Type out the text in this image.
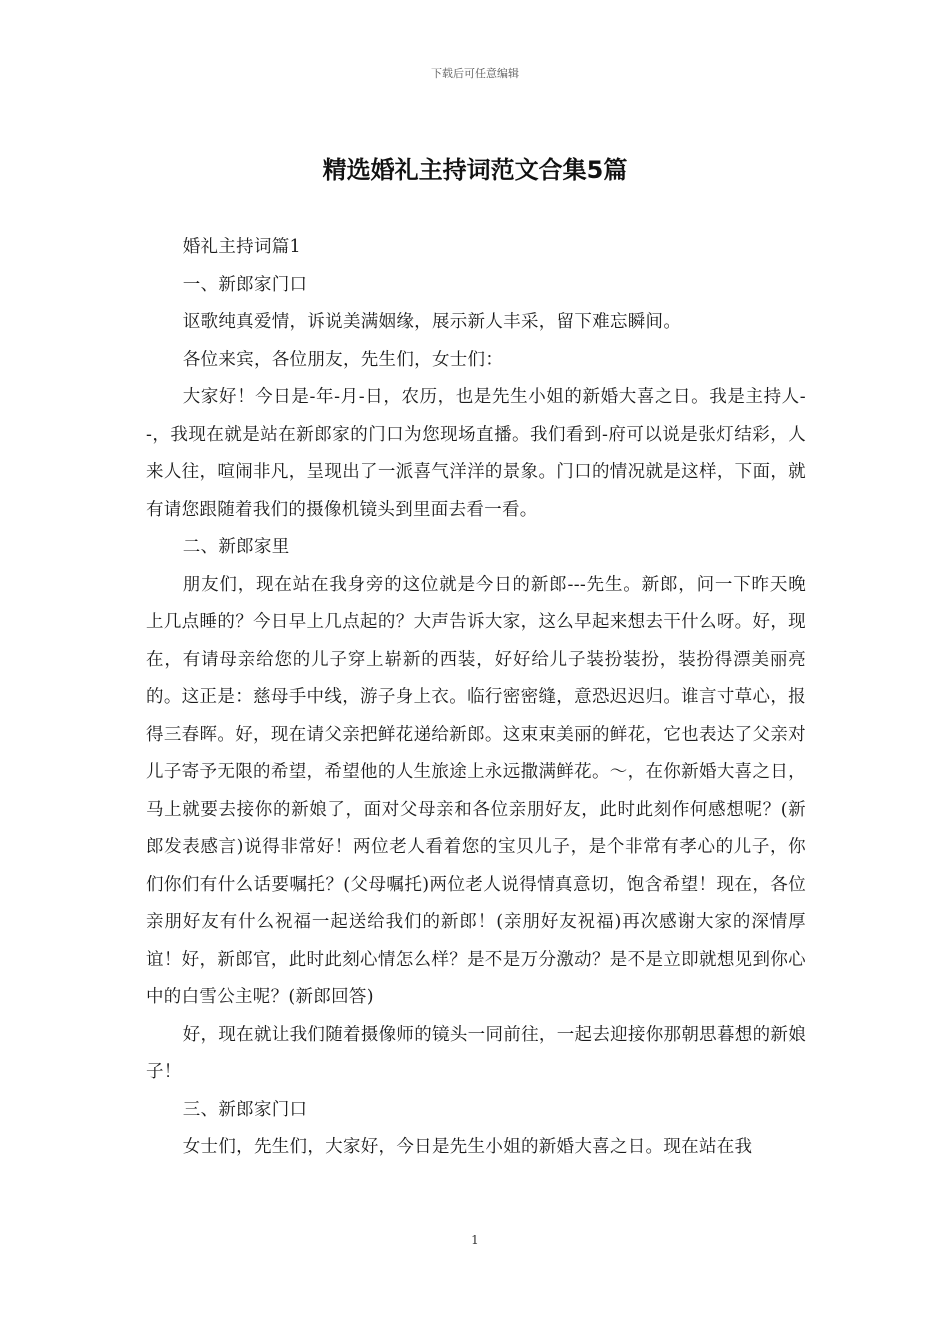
下载后可任意编辑
精选婚礼主持词范文合集5篇

婚礼主持词篇1

一、新郎家门口

讴歌纯真爱情，诉说美满姻缘，展示新人丰采，留下难忘瞬间。

各位来宾，各位朋友，先生们，女士们：

大家好！今日是-年-月-日，农历，也是先生小姐的新婚大喜之日。我是主持人--，我现在就是站在新郎家的门口为您现场直播。我们看到-府可以说是张灯结彩，人来人往，喧闹非凡，呈现出了一派喜气洋洋的景象。门口的情况就是这样，下面，就有请您跟随着我们的摄像机镜头到里面去看一看。

二、新郎家里

朋友们，现在站在我身旁的这位就是今日的新郎---先生。新郎，问一下昨天晚上几点睡的？今日早上几点起的？大声告诉大家，这么早起来想去干什么呀。好，现在，有请母亲给您的儿子穿上崭新的西装，好好给儿子装扮装扮，装扮得漂美丽亮的。这正是：慈母手中线，游子身上衣。临行密密缝，意恐迟迟归。谁言寸草心，报得三春晖。好，现在请父亲把鲜花递给新郎。这束束美丽的鲜花，它也表达了父亲对儿子寄予无限的希望，希望他的人生旅途上永远撒满鲜花。～，在你新婚大喜之日，马上就要去接你的新娘了，面对父母亲和各位亲朋好友，此时此刻作何感想呢？(新郎发表感言)说得非常好！两位老人看着您的宝贝儿子，是个非常有孝心的儿子，你们你们有什么话要嘱托？(父母嘱托)两位老人说得情真意切，饱含希望！现在，各位亲朋好友有什么祝福一起送给我们的新郎！(亲朋好友祝福)再次感谢大家的深情厚谊！好，新郎官，此时此刻心情怎么样？是不是万分激动？是不是立即就想见到你心中的白雪公主呢？(新郎回答)

好，现在就让我们随着摄像师的镜头一同前往，一起去迎接你那朝思暮想的新娘子！

三、新郎家门口

女士们，先生们，大家好，今日是先生小姐的新婚大喜之日。现在站在我

1
